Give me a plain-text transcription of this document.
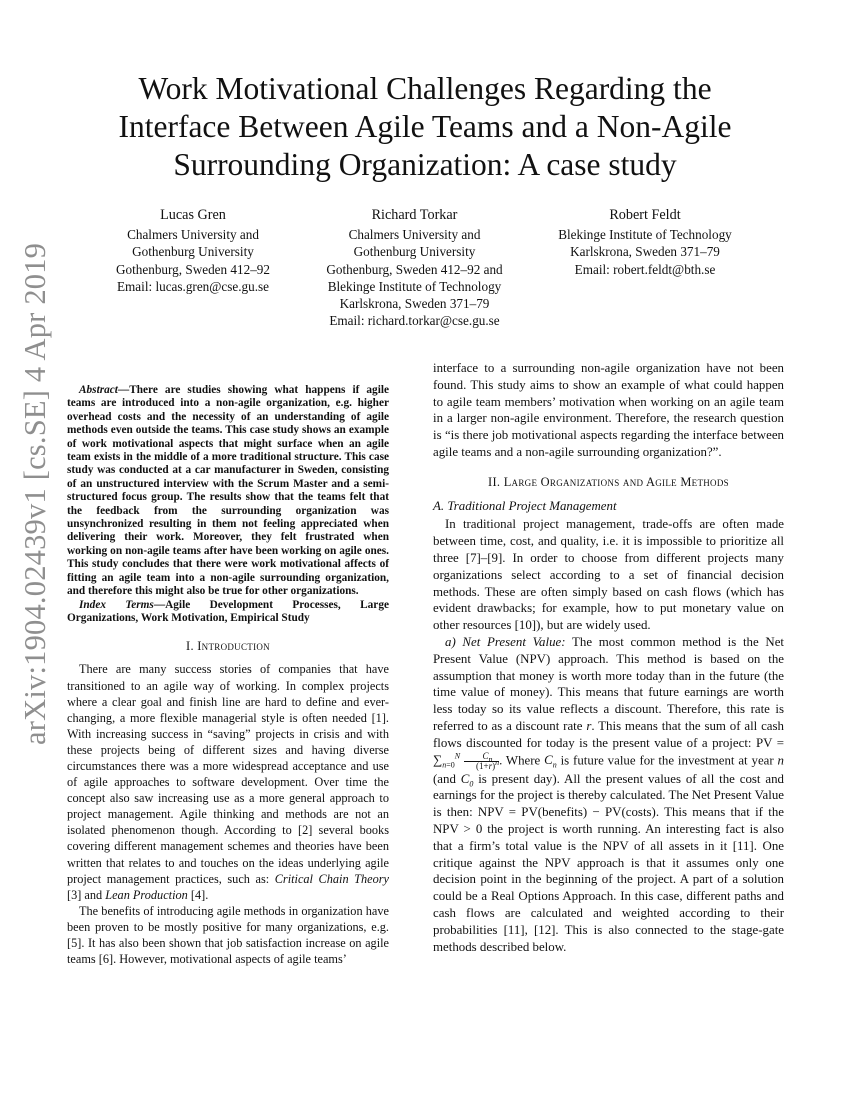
arXiv:1904.02439v1 [cs.SE] 4 Apr 2019
Work Motivational Challenges Regarding the
Interface Between Agile Teams and a Non-Agile
Surrounding Organization: A case study
Lucas Gren
Chalmers University and
Gothenburg University
Gothenburg, Sweden 412–92
Email: lucas.gren@cse.gu.se
Richard Torkar
Chalmers University and
Gothenburg University
Gothenburg, Sweden 412–92 and
Blekinge Institute of Technology
Karlskrona, Sweden 371–79
Email: richard.torkar@cse.gu.se
Robert Feldt
Blekinge Institute of Technology
Karlskrona, Sweden 371–79
Email: robert.feldt@bth.se

Abstract—There are studies showing what happens if agile teams are introduced into a non-agile organization, e.g. higher overhead costs and the necessity of an understanding of agile methods even outside the teams. This case study shows an example of work motivational aspects that might surface when an agile team exists in the middle of a more traditional structure. This case study was conducted at a car manufacturer in Sweden, consisting of an unstructured interview with the Scrum Master and a semi-structured focus group. The results show that the teams felt that the feedback from the surrounding organization was unsynchronized resulting in them not feeling appreciated when delivering their work. Moreover, they felt frustrated when working on non-agile teams after have been working on agile ones. This study concludes that there were work motivational affects of fitting an agile team into a non-agile surrounding organization, and therefore this might also be true for other organizations.

Index Terms—Agile Development Processes, Large Organizations, Work Motivation, Empirical Study

I. Introduction

There are many success stories of companies that have transitioned to an agile way of working. In complex projects where a clear goal and finish line are hard to define and ever-changing, a more flexible managerial style is often needed [1]. With increasing success in “saving” projects in crisis and with these projects being of different sizes and having diverse circumstances there was a more widespread acceptance and use of agile approaches to software development. Over time the concept also saw increasing use as a more general approach to project management. Agile thinking and methods are not an isolated phenomenon though. According to [2] several books covering different management schemes and theories have been written that relates to and touches on the ideas underlying agile project management practices, such as: Critical Chain Theory [3] and Lean Production [4].

The benefits of introducing agile methods in organization have been proven to be mostly positive for many organizations, e.g. [5]. It has also been shown that job satisfaction increase on agile teams [6]. However, motivational aspects of agile teams’

interface to a surrounding non-agile organization have not been found. This study aims to show an example of what could happen to agile team members’ motivation when working on an agile team in a larger non-agile environment. Therefore, the research question is “is there job motivational aspects regarding the interface between agile teams and a non-agile surrounding organization?”.

II. Large Organizations and Agile Methods
A. Traditional Project Management

In traditional project management, trade-offs are often made between time, cost, and quality, i.e. it is impossible to prioritize all three [7]–[9]. In order to choose from different projects many organizations select according to a set of financial decision methods. These are often simply based on cash flows (which has evident drawbacks; for example, how to put monetary value on other resources [10]), but are widely used.

a) Net Present Value: The most common method is the Net Present Value (NPV) approach. This method is based on the assumption that money is worth more today than in the future (the time value of money). This means that future earnings are worth less today so its value reflects a discount. Therefore, this rate is referred to as a discount rate r. This means that the sum of all cash flows discounted for today is the present value of a project: PV = $\sum_{n=0}^N \frac{C_n}{(1+r)^n}$ . Where $C_n$ is future value for the investment at year n (and $C_0$ is present day). All the present values of all the cost and earnings for the project is thereby calculated. The Net Present Value is then: NPV = PV(benefits) − PV(costs). This means that if the NPV > 0 the project is worth running. An interesting fact is also that a firm’s total value is the NPV of all assets in it [11]. One critique against the NPV approach is that it assumes only one decision point in the beginning of the project. A part of a solution could be a Real Options Approach. In this case, different paths and cash flows are calculated and weighted according to their probabilities [11], [12]. This is also connected to the stage-gate methods described below.
